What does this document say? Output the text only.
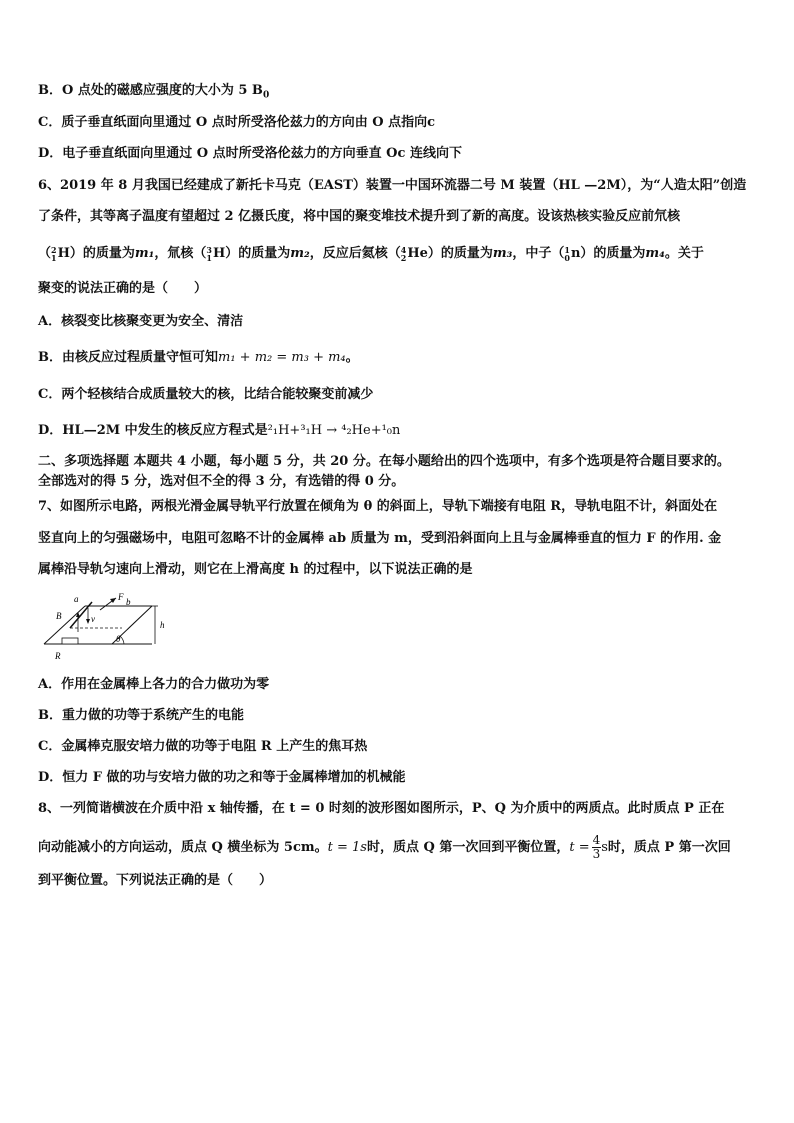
B．O 点处的磁感应强度的大小为 5 $B_0$
C．质子垂直纸面向里通过 O 点时所受洛伦兹力的方向由 O 点指向c
D．电子垂直纸面向里通过 O 点时所受洛伦兹力的方向垂直 Oc 连线向下
6、2019 年 8 月我国已经建成了新托卡马克（EAST）装置一中国环流器二号 M 装置（HL —2M），为“人造太阳”创造
了条件，其等离子温度有望超过 2 亿摄氏度，将中国的聚变堆技术提升到了新的高度。设该热核实验反应前氘核
（ 2
1 H ）的质量为 m₁ ，氚核（ 3
1 H ）的质量为 m₂ ，反应后氦核（ 4
2 He ）的质量为 m₃ ，中子（ 1
0 n ）的质量为 m₄ 。关于
聚变的说法正确的是（　　）
A．核裂变比核聚变更为安全、清洁
B．由核反应过程质量守恒可知m₁ + m₂ = m₃ + m₄。
C．两个轻核结合成质量较大的核，比结合能较聚变前减少
D．HL—2M 中发生的核反应方程式是²₁H+³₁H → ⁴₂He+¹₀n
二、多项选择题 本题共 4 小题，每小题 5 分，共 20 分。在每小题给出的四个选项中，有多个选项是符合题目要求的。
全部选对的得 5 分，选对但不全的得 3 分，有选错的得 0 分。
7、如图所示电路，两根光滑金属导轨平行放置在倾角为 θ 的斜面上，导轨下端接有电阻 R，导轨电阻不计，斜面处在
竖直向上的匀强磁场中，电阻可忽略不计的金属棒 ab 质量为 m，受到沿斜面向上且与金属棒垂直的恒力 F 的作用. 金
属棒沿导轨匀速向上滑动，则它在上滑高度 h 的过程中，以下说法正确的是
a	b
F
B	v
h
R
θ
A．作用在金属棒上各力的合力做功为零
B．重力做的功等于系统产生的电能
C．金属棒克服安培力做的功等于电阻 R 上产生的焦耳热
D．恒力 F 做的功与安培力做的功之和等于金属棒增加的机械能
8、一列简谐横波在介质中沿 x 轴传播，在 t = 0 时刻的波形图如图所示，P、Q 为介质中的两质点。此时质点 P 正在
向动能减小的方向运动，质点 Q 横坐标为 5cm。 t = 1s 时，质点 Q 第一次回到平衡位置， $t = \frac{4}{3}$ s 时，质点 P 第一次回
到平衡位置。下列说法正确的是（　　）
